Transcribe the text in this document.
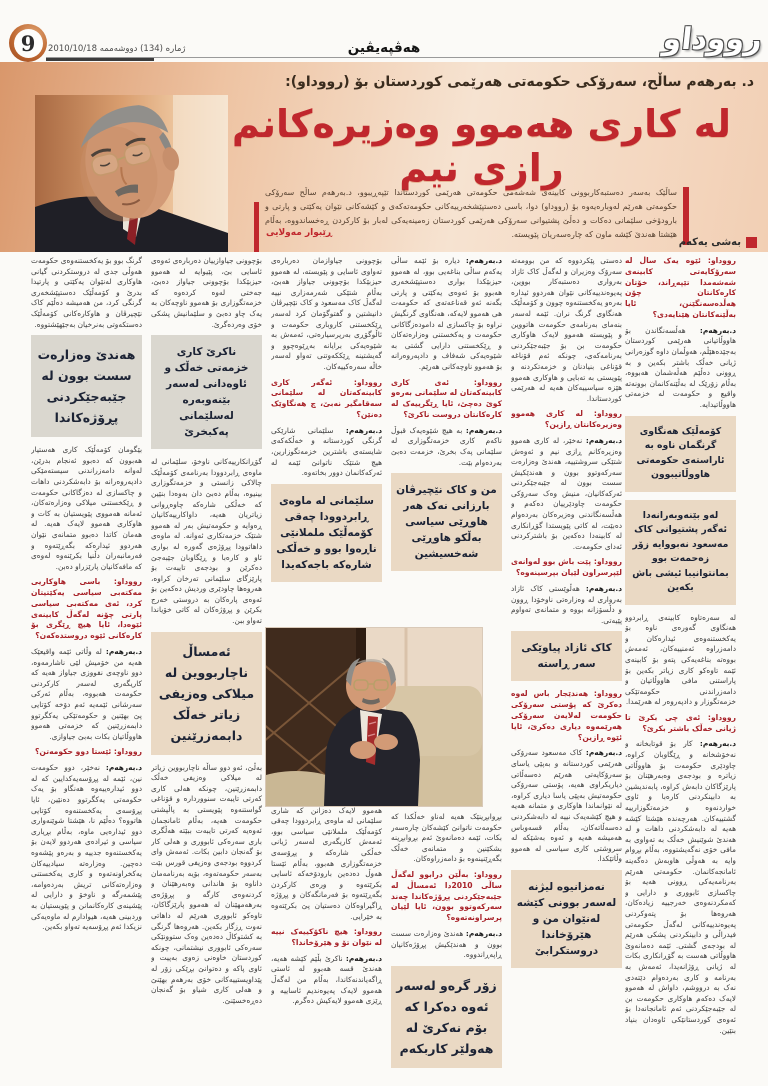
9 ژمارە (134) دووشەممە 2010/10/18	هەڤپەیڤین	رووداو
د. بەرهەم ساڵح، سەرۆکی حکومەتی هەرێمی کوردستان بۆ (رووداو):
لە کاری هەموو وەزیرەکانم رازی نیم
ساڵێک بەسەر دەستبەکاربوونی کابینەی شەشەمی حکومەتی هەرێمی کوردستاندا تێپەڕیبوو، د.بەرهەم ساڵح سەرۆکی حکومەتی هەرێم لەوبارەیەوە بۆ (رووداو) دوا، باسی دەستپێشخەرییەکانی حکومەتەکەی و کێشەکانی نێوان یەکێتی و پارتی و بارودۆخی سلێمانی دەکات و دەڵێ پشتیوانی سەرۆکی هەرێمی کوردستان زەمینەیەکی لەبار بۆ کارکردن ڕەخساندووە، بەڵام هێشتا هەندێ کێشە ماون کە چارەسەریان پێویستە.
ڕێبوار مەولایی
بەشی یەکەم
رووداو: ئێوە یەک ساڵ لە سەرۆکایەتی کابینەی شەشەمدا تێپەڕاند، خۆتان کارەکانتان چۆن هەڵدەسەنگێنن، ئایا بەڵێنەکانتان هێنایەدی؟
د.بەرهەم: هەڵسەنگاندن بۆ هاووڵاتیانی هەرێمی کوردستان بەجێدەهێڵم، هەوڵمان داوە گوزەرانی ژیانی خەڵک باشتر بکەین و بە ڕوونی دەڵێم هەڵەشمان هەبووە، بەڵام زۆرێک لە بەڵێنەکانمان بوونەتە واقیع و حکومەت لە خزمەتی هاووڵاتیدایە.
کۆمەڵێک هەنگاوی گرنگمان ناوە بە ئاراستەی حکومەتی هاووڵاتیبوون
لەو بێنەوبەرانەدا ئەگەر پشتیوانی کاک مەسعود نەبووایە زۆر زەحمەت بوو بمانتوانیبا ئیشی باش بکەین
لە سەرەتاوە کابینەی ڕابردوو هەنگاوی گەورەی ناوە بۆ یەکخستنەوەی ئیدارەکان و دامەزراوە ئەمنییەکان، ئەمەش بووەتە بناغەیەکی پتەو بۆ کابینەی ئێمە تاوەکو کاری زیاتر بکەین بۆ پاراستنی مافی هاووڵاتیان و دامەزراندنی حکومەتێکی خزمەتگوزار و دادپەروەر لە هەرێمدا.
رووداو: ئەی چی بکرێ تا ژیانی خەڵک باشتر بکرێ؟
د.بەرهەم: کار بۆ قوتابخانە و نەخۆشخانە و ڕێگاوبان کراوە، چاودێری حکومەت بۆ هاووڵاتی زیاترە و بودجەی وەبەرهێنان بۆ پارێزگاکان دابەش کراوە، پابەندیشین بە دابینکردنی کارەبا و ئاوی خواردنەوە و خزمەتگوزارییە گشتییەکان. هەرچەندە هێشتا کێشە هەیە لە دابەشکردنی داهات و لە هەندێ شوێنیش خەڵک بە تەواوی بە مافی خۆی نەگەیشتووە، بەڵام بڕوام وایە بە هەوڵی هاوبەش دەگەینە ئامانجەکانمان. حکومەتی هەرێم بەرنامەیەکی ڕوونی هەیە بۆ چاکسازی ئابووری و دارایی و کەمکردنەوەی خەرجییە زیادەکان، هەروەها بۆ پتەوکردنی پەیوەندییەکانی لەگەڵ حکومەتی فیدراڵی و دابینکردنی پشکی هەرێم لە بودجەی گشتی. ئێمە دەمانەوێ هاووڵاتی هەست بە گۆڕانکاری بکات لە ژیانی ڕۆژانەیدا، ئەمەش بە بەرنامە و کاری بەردەوام دێتەدی نەک بە درووشم، داواش لە هەموو لایەک دەکەم هاوکاری حکومەت بن لە جێبەجێکردنی ئەم ئامانجانەدا بۆ ئەوەی کوردستانێکی ئاوەدان بنیاد بنێین.
دەستی پێکردووە کە من بوومەتە سەرۆک وەزیران و لەگەڵ کاک ئازاد بەرواری دەستبەکار بووین، پەیوەندییەکانی نێوان هەردوو ئیدارە بەرەو یەکخستنەوە چوون و کۆمەڵێک هەنگاوی گرنگ نران. ئێمە لەسەر بنەمای بەرنامەی حکومەت هاتووین و پێویستە هەموو لایەک هاوکاری حکومەت بن بۆ جێبەجێکردنی بەرنامەکەی، چونکە ئەم قۆناغە قۆناغی بنیادنان و خزمەتکردنە و پێویستی بە تەبایی و هاوکاری هەموو هێزە سیاسییەکان هەیە لە هەرێمی کوردستاندا.
رووداو: لە کاری هەموو وەزیرەکانتان ڕازین؟
د.بەرهەم: نەخێر، لە کاری هەموو وەزیرەکانم ڕازی نیم و ئەوەش شتێکی سروشتییە، هەندێ وەزارەت سەرکەوتوو بوون و هەندێکیش سست بوون لە جێبەجێکردنی ئەرکەکانیان، منیش وەک سەرۆکی حکومەت چاودێرییان دەکەم و هەڵسەنگاندنی وەزیرەکان بەردەوام دەبێت، لە کاتی پێویستدا گۆڕانکاری لە کابینەدا دەکەین بۆ باشترکردنی ئەدای حکومەت.
رووداو: پێت باش بوو لەوانەی لێپرسراون لێیان بپرسینەوە؟
د.بەرهەم: هەڵوێستی کاک ئازاد بەرواری لە وەزارەتی ناوخۆدا ڕوون و دڵسۆزانە بووە و متمانەی تەواوم پێیەتی.
کاک ئازاد پیاوێکی سەر ڕاستە
رووداو: هەندێجار باس لەوە دەکرێ کە پۆستی سەرۆکی حکومەت لەلایەن سەرۆکی هەرێمەوە دیاری دەکرێ، ئایا ئێوە ڕازین؟
د.بەرهەم: کاک مەسعود سەرۆکی هەرێمی کوردستانە و بەپێی یاسای سەرۆکایەتی هەرێم دەسەڵاتی دیاریکراوی هەیە، پۆستی سەرۆکی حکومەتیش بەپێی یاسا دیاری کراوە، لە نێوانماندا هاوکاری و متمانە هەیە و هیچ کێشەیەک نییە لە دابەشکردنی دەسەڵاتەکان، بەڵام قسەوباس هەمیشە هەیە و ئەوە بەشێکە لە سروشتی کاری سیاسی لە هەموو وڵاتێکدا.
نەمزانیوە لیژنە لەسەر بوونی کێشە لەنێوان من و هێرۆخاندا دروستکرابێ
د.بەرهەم: دیارە بۆ ئێمە ساڵی یەکەم ساڵی بناغەیی بوو، لە هەموو حیزبێکدا بواری دەستپێشخەری هەبوو بۆ ئەوەی یەکێتی و پارتی بگەنە ئەو قەناعەتەی کە حکومەت هی هەموو لایەکە، هەنگاوی گرنگیش نراوە بۆ چاکسازی لە دامودەزگاکانی حکومەت و یەکخستنی وەزارەتەکان و ڕێکخستنی دارایی گشتی بە شێوەیەکی شەفاف و دادپەروەرانە بۆ هەموو ناوچەکانی هەرێم.
رووداو: ئەی کاری کابینەکەتان لە سلێمانی بەرەو کوێ دەچێ، ئایا ڕێگرییەک لە کارەکانتان دروست ناکرێ؟
د.بەرهەم: بە هیچ شێوەیەک قبوڵ ناکەم کاری خزمەتگوزاری لە سلێمانی پەک بخرێ، خزمەت دەبێ بەردەوام بێت.
من و کاک نێچیرڤان بارزانی نەک هەر هاوڕێی سیاسی بەڵکو هاوڕێی شەخسیشین
بڕوابڕینێک هەیە لەناو خەڵکدا کە حکومەت ناتوانێ کێشەکان چارەسەر بکات، ئێمە دەمانەوێ ئەم بڕوابڕینە بشکێنین و متمانەی خەڵک بگەڕێنینەوە بۆ دامەزراوەکان.
رووداو: بەڵێن درابوو لەگەڵ ساڵی 2010دا ئەمساڵ لە جێبەجێکردنی پڕۆژەکاندا چەند سەرکەوتوو بوون، ئایا لێیان پرسراونەتەوە؟
د.بەرهەم: هەندێ وەزارەت سست بوون و هەندێکیش پڕۆژەکانیان ڕاپەڕاندووە.
زۆر گرەو لەسەر ئەوە دەکرا کە بۆم نەکرێ لە هەولێر کاربکەم
بۆچوونی جیاوازمان دەربارەی تەواوی ئاسایی و پێویستە، لە هەموو حیزبێکدا بۆچوونی جیاواز هەبێ، بەڵام شتێکی شەرمەزاری نییە لەگەڵ کاک مەسعود و کاک نێچیرڤان دانیشتین و گفتوگۆمان کرد لەسەر ڕێکخستنی کاروباری حکومەت و ئاڵوگۆڕی بەرپرسیارەتی، ئەمەش بە شێوەیەکی برایانە بەڕێوەچوو و گەیشتینە ڕێککەوتنی تەواو لەسەر خاڵە سەرەکییەکان.
رووداو: ئەگەر کاری کابینەکەتان لە سلێمانی سەقامگیر نەبێ، چ هەنگاوێک دەنێن؟
د.بەرهەم: سلێمانی شارێکی گرنگی کوردستانە و خەڵکەکەی شایستەی باشترین خزمەتگوزارین، هیچ شتێک ناتوانێ ئێمە لە ئەرکەکانمان دوور بخاتەوە.
سلێمانی لە ماوەی ڕابردوودا چەقی کۆمەڵێک ململانێی ناڕەوا بوو و خەڵکی شارەکە باجەکەیدا
هەموو لایەک دەزانن کە شاری سلێمانی لە ماوەی ڕابردوودا چەقی کۆمەڵێک ململانێی سیاسی بوو، ئەمەش کاریگەری لەسەر ژیانی خەڵکی شارەکە و پڕۆسەی خزمەتگوزاری هەبوو، بەڵام ئێستا هەوڵ دەدەین بارودۆخەکە ئاسایی بکرێتەوە و ورەی کارکردن بگەڕێتەوە بۆ فەرمانگەکان و پڕۆژە ڕاگیراوەکان دەستیان پێ بکرێتەوە بە خێرایی.
رووداو: هیچ ناکۆکییەک نییە لە نێوان تۆ و هێرۆخاندا؟
د.بەرهەم: ناکرێ بڵێم کێشە هەیە، هەندێ قسە هەبوو لە ئاستی ڕاگەیاندنەکاندا، بەڵام من لەگەڵ هەموو لایەک پەیوەندیم ئاساییە و ڕێزی هەموو لایەکیش دەگرم.
بۆچوونی جیاوازییان دەربارەی ئەوەی ئاسایی بێ، پێیوایە لە هەموو حیزبێکدا بۆچوونی جیاواز دەبێ، جەختی لەوە کردەوە کە خزمەتگوزاری بۆ هەموو ناوچەکان بە یەک چاو دەبێ و سلێمانیش پشکی خۆی وەردەگرێ.
ناکرێ کاری خزمەتی خەڵک و ئاوەدانی لەسەر بێنەوبەرە لەسلێمانی پەکبخرێ
گۆڕانکارییەکانی ناوخۆ، سلێمانی لە ماوەی ڕابردوودا بەرنامەی کۆمەڵێک چالاکی زانستی و خزمەتگوزاری بینیوە، بەڵام دەبێ دان بەوەدا بنێین کە خەڵکی شارەکە چاوەڕوانی زیاتریان هەیە، داواکارییەکانیان ڕەوایە و حکومەتیش بەر لە هەموو شتێک خزمەتکاری ئەوانە. لە ماوەی داهاتوودا پڕۆژەی گەورە لە بواری ئاو و کارەبا و ڕێگاوبان جێبەجێ دەکرێن و بودجەی تایبەت بۆ پارێزگای سلێمانی تەرخان کراوە، هەروەها چاودێری وردیش دەکەین بۆ ئەوەی پارەکان بە دروستی خەرج بکرێن و پڕۆژەکان لە کاتی خۆیاندا تەواو ببن.
ئەمساڵ ناچاربووین لە میلاکی وەزیفی زیاتر خەڵک دابمەزرێنین
بەڵێ، ئەو دوو ساڵە ناچاربووین زیاتر لە میلاکی وەزیفی خەڵک دابمەزرێنین، چونکە هەلی کاری کەرتی تایبەت سنووردارە و قۆناغی گواستنەوە پێویستی بە پاڵپشتی حکومەت هەیە، بەڵام ئامانجمان ئەوەیە کەرتی تایبەت ببێتە هەڵگری باری سەرەکی ئابووری و هەلی کار بۆ گەنجان دابین بکات. ئەمەش وای کردووە بودجەی وەزیفی قورس بێت بەسەر حکومەتەوە، بۆیە بەرنامەمان داناوە بۆ هاندانی وەبەرهێنان و کردنەوەی کارگە و پڕۆژەی بەرهەمهێنان لە هەموو پارێزگاکان، تاوەکو ئابووری هەرێم لە داهاتی نەوت ڕزگار بکەین. هەروەها گرنگی بە کشتوکاڵ دەدەین وەک ستوونێکی سەرەکی ئابووری نیشتمانی، چونکە کوردستان خاوەنی زەوی بەپیت و ئاوی پاکە و دەتوانێ بڕێکی زۆر لە پێداویستییەکانی خۆی بەرهەم بهێنێ و هەلی کاری شیاو بۆ گەنجان دەڕەخسێنێ.
گرنگ بوو بۆ یەکخستنەوەی حکومەت هەوڵی جدی لە دروستکردنی گیانی هاوکاری لەنێوان یەکێتی و پارتیدا بدرێ و کۆمەڵێک دەستپێشخەری گرنگی کرد، من هەمیشە دەڵێم کاک نێچیرڤان و هاوکارەکانی کۆمەڵێک دەستکەوتی بەنرخیان بەجێهێشتووە.
هەندێ وەزارەت سست بوون لە جێبەجێکردنی پڕۆژەکاندا
بێگومان کۆمەڵێک کاری هەستیار هەبوون کە دەبوو ئەنجام بدرێن، لەوانە دامەزراندنی سیستەمێکی دادپەروەرانە بۆ دابەشکردنی داهات و چاکسازی لە دەزگاکانی حکومەت و ڕێکخستنی میلاکی وەزارەتەکان، ئەمانە هەمووی پێویستیان بە کات و هاوکاری هەموو لایەک هەیە. لە هەمان کاتدا دەبوو متمانەی نێوان هەردوو ئیدارەکە بگەڕێتەوە و فەرمانبەران دڵنیا بکرێنەوە لەوەی کە مافەکانیان پارێزراو دەبن.
رووداو: باسی هاوکاریی مەکتەبی سیاسی یەکێتیتان کرد، ئەی مەکتەبی سیاسی پارتی چۆنە لەگەڵ کابینەی ئێوەدا، ئایا هیچ ڕێگری بۆ کارەکانی ئێوە دروستدەکەن؟
د.بەرهەم: لە وڵاتی ئێمە واقیعێک هەیە من خۆمیش لێی ناشارمەوە، دوو ناوچەی نفووزی جیاواز هەیە کە کاریگەری لەسەر کارکردنی حکومەت هەبووە، بەڵام ئەرکی سەرشانی ئێمەیە ئەم دۆخە کۆتایی پێ بهێنین و حکومەتێکی یەکگرتوو دابمەزرێنین کە خزمەتی هەموو هاووڵاتیان بکات بەبێ جیاوازی.
رووداو: ئێستا دوو حکومەتن؟
د.بەرهەم: نەخێر، دوو حکومەت نین، ئێمە لە پڕۆسەیەکدایین کە لە دوو ئیدارەییەوە هەنگاو بۆ یەک حکومەتی یەکگرتوو دەنێین، ئایا پڕۆسەی یەکخستنەوە کۆتایی هاتووە؟ دەڵێم نا، هێشتا شوێنەواری دوو ئیدارەیی ماوە، بەڵام بڕیاری سیاسی و ئیرادەی هەردوو لایەن بۆ یەکخستنەوە جدییە و بەرەو پێشەوە دەچین. وەزارەتە سیادییەکان یەکخراونەتەوە و کاری یەکخستنی وەزارەتەکانی تریش بەردەوامە، پێشمەرگە و ناوخۆ و دارایی لە پێشینەی کارەکانمانن و پێویستیان بە وردبینی هەیە، هیوادارم لە ماوەیەکی نزیکدا ئەم پڕۆسەیە تەواو بکەین.
